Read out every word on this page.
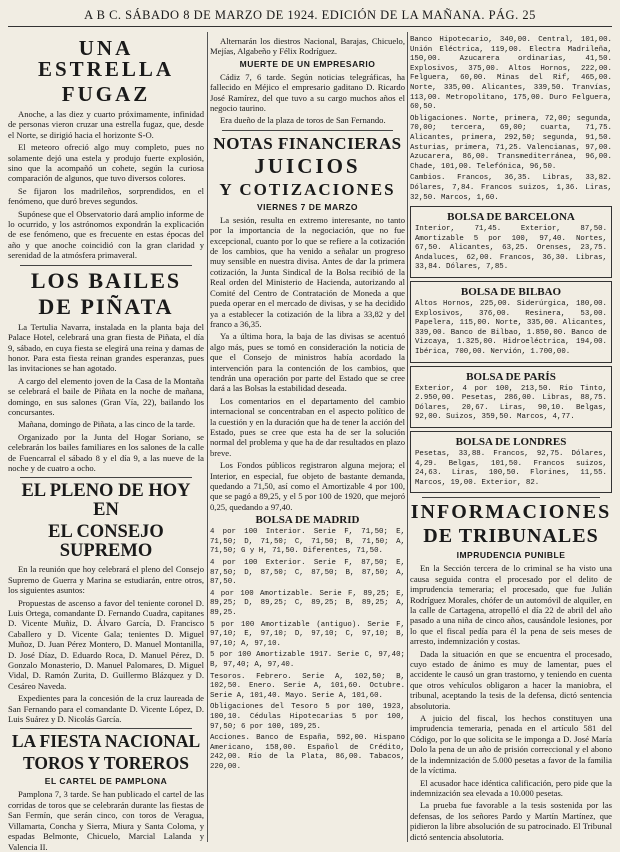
A B C. SÁBADO 8 DE MARZO DE 1924. EDICIÓN DE LA MAÑANA. PÁG. 25
UNA ESTRELLA
FUGAZ

Anoche, a las diez y cuarto próximamente, infinidad de personas vieron cruzar una estrella fugaz, que, desde el Norte, se dirigió hacia el horizonte S-O.

El meteoro ofreció algo muy completo, pues no solamente dejó una estela y produjo fuerte explosión, sino que la acompañó un cohete, según la curiosa comparación de algunos, que tuvo diversos colores.

Se fijaron los madrileños, sorprendidos, en el fenómeno, que duró breves segundos.

Supónese que el Observatorio dará amplio informe de lo ocurrido, y los astrónomos expondrán la explicación de ese fenómeno, que es frecuente en estas épocas del año y que anoche coincidió con la gran claridad y serenidad de la atmósfera primaveral.

LOS BAILES
DE PIÑATA

La Tertulia Navarra, instalada en la planta baja del Palace Hotel, celebrará una gran fiesta de Piñata, el día 9, sábado, en cuya fiesta se elegirá una reina y damas de honor. Para esta fiesta reinan grandes esperanzas, pues las invitaciones se han agotado.

A cargo del elemento joven de la Casa de la Montaña se celebrará el baile de Piñata en la noche de mañana, domingo, en sus salones (Gran Vía, 22), bailando los concursantes.

Mañana, domingo de Piñata, a las cinco de la tarde.

Organizado por la Junta del Hogar Soriano, se celebrarán los bailes familiares en los salones de la calle de Fuencarral el sábado 8 y el día 9, a las nueve de la noche y de cuatro a ocho.

EL PLENO DE HOY EN
EL CONSEJO SUPREMO

En la reunión que hoy celebrará el pleno del Consejo Supremo de Guerra y Marina se estudiarán, entre otros, los siguientes asuntos:

Propuestas de ascenso a favor del teniente coronel D. Luis Ortega, comandante D. Fernando Cuadra, capitanes D. Vicente Muñiz, D. Álvaro García, D. Francisco Caballero y D. Vicente Gala; tenientes D. Miguel Muñoz, D. Juan Pérez Montero, D. Manuel Montanilla, D. José Díaz, D. Eduardo Roca, D. Manuel Pérez, D. Gonzalo Monasterio, D. Manuel Palomares, D. Miguel Vidal, D. Ramón Zurita, D. Guillermo Blázquez y D. Cesáreo Naveda.

Expedientes para la concesión de la cruz laureada de San Fernando para el comandante D. Vicente López, D. Luis Suárez y D. Nicolás García.

LA FIESTA NACIONAL
TOROS Y TOREROS
EL CARTEL DE PAMPLONA

Pamplona 7, 3 tarde. Se han publicado el cartel de las corridas de toros que se celebrarán durante las fiestas de San Fermín, que serán cinco, con toros de Veragua, Villamarta, Concha y Sierra, Miura y Santa Coloma, y espadas Belmonte, Chicuelo, Marcial Lalanda y Valencia II.

Alternarán los diestros Nacional, Barajas, Chicuelo, Mejías, Algabeño y Félix Rodríguez.

MUERTE DE UN EMPRESARIO

Cádiz 7, 6 tarde. Según noticias telegráficas, ha fallecido en Méjico el empresario gaditano D. Ricardo José Ramírez, del que tuvo a su cargo muchos años el negocio taurino.

Era dueño de la plaza de toros de San Fernando.

NOTAS FINANCIERAS
JUICIOS
Y COTIZACIONES
VIERNES 7 DE MARZO

La sesión, resulta en extremo interesante, no tanto por la importancia de la negociación, que no fue excepcional, cuanto por lo que se refiere a la cotización de los cambios, que ha venido a señalar un progreso muy sensible en nuestra divisa. Antes de dar la primera cotización, la Junta Sindical de la Bolsa recibió de la Real orden del Ministerio de Hacienda, autorizando al Comité del Centro de Contratación de Moneda a que pueda operar en el mercado de divisas, y se ha decidido ya a establecer la cotización de la libra a 33,82 y del franco a 36,35.

Ya a última hora, la baja de las divisas se acentuó algo más, pues se tomó en consideración la noticia de que el Consejo de ministros había acordado la intervención para la contención de los cambios, que tendrán una operación por parte del Estado que se cree dará a las Bolsas la estabilidad deseada.

Los comentarios en el departamento del cambio internacional se concentraban en el aspecto político de la cuestión y en la duración que ha de tener la acción del Estado, pues se cree que esta ha de ser la solución normal del problema y que ha de dar resultados en plazo breve.

Los Fondos públicos registraron alguna mejora; el Interior, en especial, fue objeto de bastante demanda, quedando a 71,50, así como el Amortizable 4 por 100, que se pagó a 89,25, y el 5 por 100 de 1920, que mejoró 0,25, quedando a 97,40.

BOLSA DE MADRID

4 por 100 Interior. Serie F, 71,50; E, 71,50; D, 71,50; C, 71,50; B, 71,50; A, 71,50; G y H, 71,50. Diferentes, 71,50.

4 por 100 Exterior. Serie F, 87,50; E, 87,50; D, 87,50; C, 87,50; B, 87,50; A, 87,50.

4 por 100 Amortizable. Serie F, 89,25; E, 89,25; D, 89,25; C, 89,25; B, 89,25; A, 89,25.

5 por 100 Amortizable (antiguo). Serie F, 97,10; E, 97,10; D, 97,10; C, 97,10; B, 97,10; A, 97,10.

5 por 100 Amortizable 1917. Serie C, 97,40; B, 97,40; A, 97,40.

Tesoros. Febrero. Serie A, 102,50; B, 102,50. Enero. Serie A, 101,60. Octubre. Serie A, 101,40. Mayo. Serie A, 101,60.

Obligaciones del Tesoro 5 por 100, 1923, 100,10. Cédulas Hipotecarias 5 por 100, 97,50; 6 por 100, 109,25.

Acciones. Banco de España, 592,00. Hispano Americano, 158,00. Español de Crédito, 242,00. Río de la Plata, 86,00. Tabacos, 220,00.

Banco Hipotecario, 340,00. Central, 101,00. Unión Eléctrica, 119,00. Electra Madrileña, 150,00. Azucarera ordinarias, 41,50. Explosivos, 375,00. Altos Hornos, 222,00. Felguera, 60,00. Minas del Rif, 465,00. Norte, 335,00. Alicantes, 339,50. Tranvías, 113,00. Metropolitano, 175,00. Duro Felguera, 60,50.

Obligaciones. Norte, primera, 72,00; segunda, 70,00; tercera, 69,00; cuarta, 71,75. Alicantes, primera, 292,50; segunda, 91,50. Asturias, primera, 71,25. Valencianas, 97,00. Azucarera, 86,00. Transmediterránea, 96,00. Chade, 101,00. Telefónica, 96,50.

Cambios. Francos, 36,35. Libras, 33,82. Dólares, 7,84. Francos suizos, 1,36. Liras, 32,50. Marcos, 1,60.

BOLSA DE BARCELONA

Interior, 71,45. Exterior, 87,50. Amortizable 5 por 100, 97,40. Nortes, 67,50. Alicantes, 63,25. Orenses, 23,75. Andaluces, 62,00. Francos, 36,30. Libras, 33,84. Dólares, 7,85.

BOLSA DE BILBAO

Altos Hornos, 225,00. Siderúrgica, 180,00. Explosivos, 376,00. Resinera, 53,00. Papelera, 115,00. Norte, 335,00. Alicantes, 339,00. Banco de Bilbao, 1.850,00. Banco de Vizcaya, 1.325,00. Hidroeléctrica, 194,00. Ibérica, 700,00. Nervión, 1.700,00.

BOLSA DE PARÍS

Exterior, 4 por 100, 213,50. Río Tinto, 2.950,00. Pesetas, 286,00. Libras, 88,75. Dólares, 20,67. Liras, 90,10. Belgas, 92,00. Suizos, 359,50. Marcos, 4,77.

BOLSA DE LONDRES

Pesetas, 33,88. Francos, 92,75. Dólares, 4,29. Belgas, 101,50. Francos suizos, 24,63. Liras, 100,50. Florines, 11,55. Marcos, 19,00. Exterior, 82.

INFORMACIONES
DE TRIBUNALES
IMPRUDENCIA PUNIBLE

En la Sección tercera de lo criminal se ha visto una causa seguida contra el procesado por el delito de imprudencia temeraria; el procesado, que fue Julián Rodríguez Morales, chófer de un automóvil de alquiler, en la calle de Cartagena, atropelló el día 22 de abril del año pasado a una niña de cinco años, causándole lesiones, por lo que el fiscal pedía para él la pena de seis meses de arresto, indemnización y costas.

Dada la situación en que se encuentra el procesado, cuyo estado de ánimo es muy de lamentar, pues el accidente le causó un gran trastorno, y teniendo en cuenta que otros vehículos obligaron a hacer la maniobra, el tribunal, aceptando la tesis de la defensa, dictó sentencia absolutoria.

A juicio del fiscal, los hechos constituyen una imprudencia temeraria, penada en el artículo 581 del Código, por lo que solicita se le imponga a D. José María Dolo la pena de un año de prisión correccional y el abono de la indemnización de 5.000 pesetas a favor de la familia de la víctima.

El acusador hace idéntica calificación, pero pide que la indemnización sea elevada a 10.000 pesetas.

La prueba fue favorable a la tesis sostenida por las defensas, de los señores Pardo y Martín Martínez, que pidieron la libre absolución de su patrocinado. El Tribunal dictó sentencia absolutoria.
